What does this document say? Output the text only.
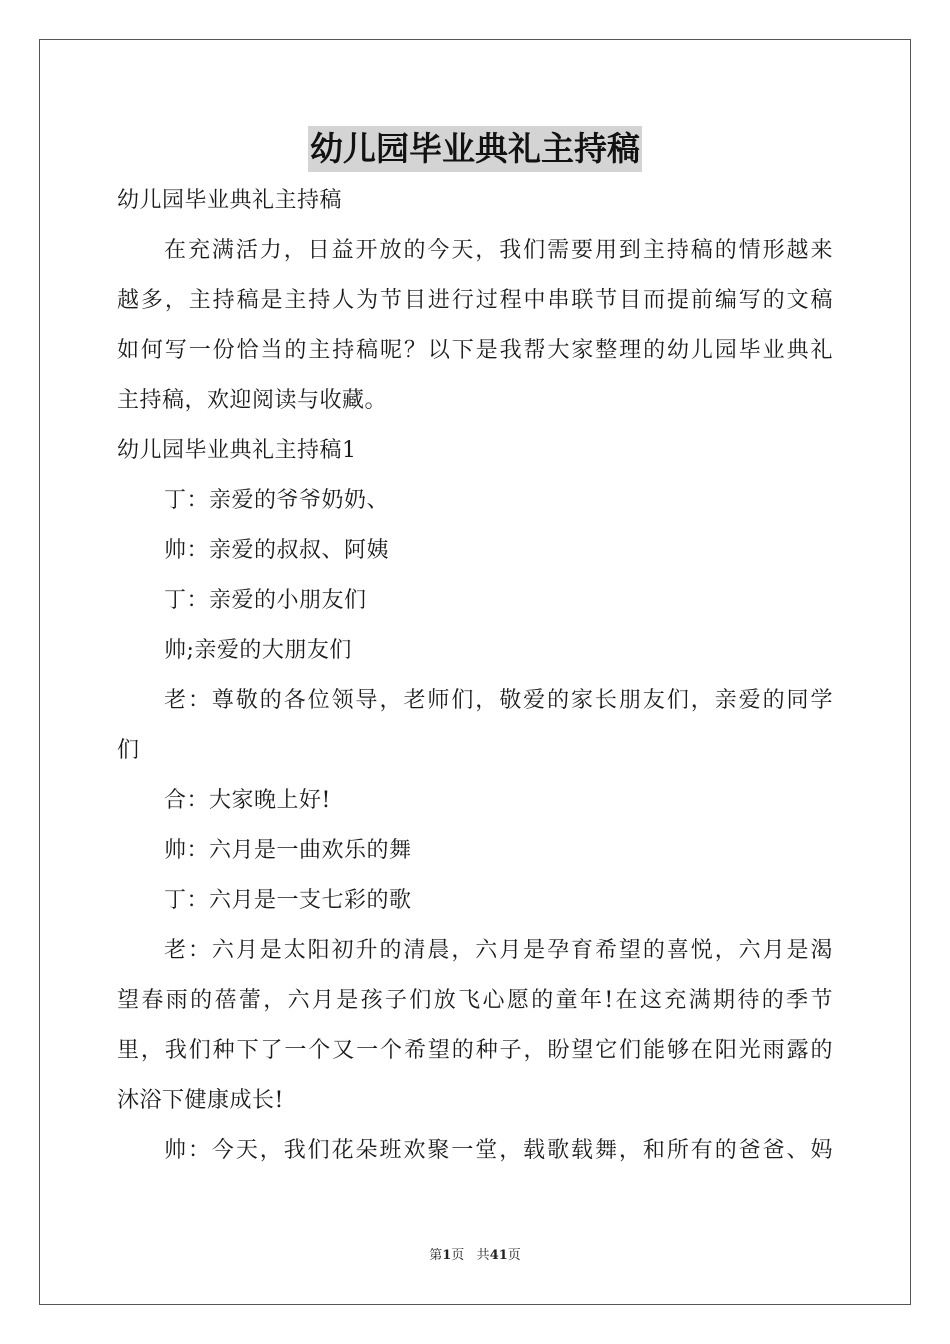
幼儿园毕业典礼主持稿
幼儿园毕业典礼主持稿
在充满活力，日益开放的今天，我们需要用到主持稿的情形越来
越多，主持稿是主持人为节目进行过程中串联节目而提前编写的文稿
如何写一份恰当的主持稿呢？以下是我帮大家整理的幼儿园毕业典礼
主持稿，欢迎阅读与收藏。
幼儿园毕业典礼主持稿1
丁：亲爱的爷爷奶奶、
帅：亲爱的叔叔、阿姨
丁：亲爱的小朋友们
帅;亲爱的大朋友们
老：尊敬的各位领导，老师们，敬爱的家长朋友们，亲爱的同学
们
合：大家晚上好!
帅：六月是一曲欢乐的舞
丁：六月是一支七彩的歌
老：六月是太阳初升的清晨，六月是孕育希望的喜悦，六月是渴
望春雨的蓓蕾，六月是孩子们放飞心愿的童年!在这充满期待的季节
里，我们种下了一个又一个希望的种子，盼望它们能够在阳光雨露的
沐浴下健康成长!
帅：今天，我们花朵班欢聚一堂，载歌载舞，和所有的爸爸、妈
第1页 共41页
